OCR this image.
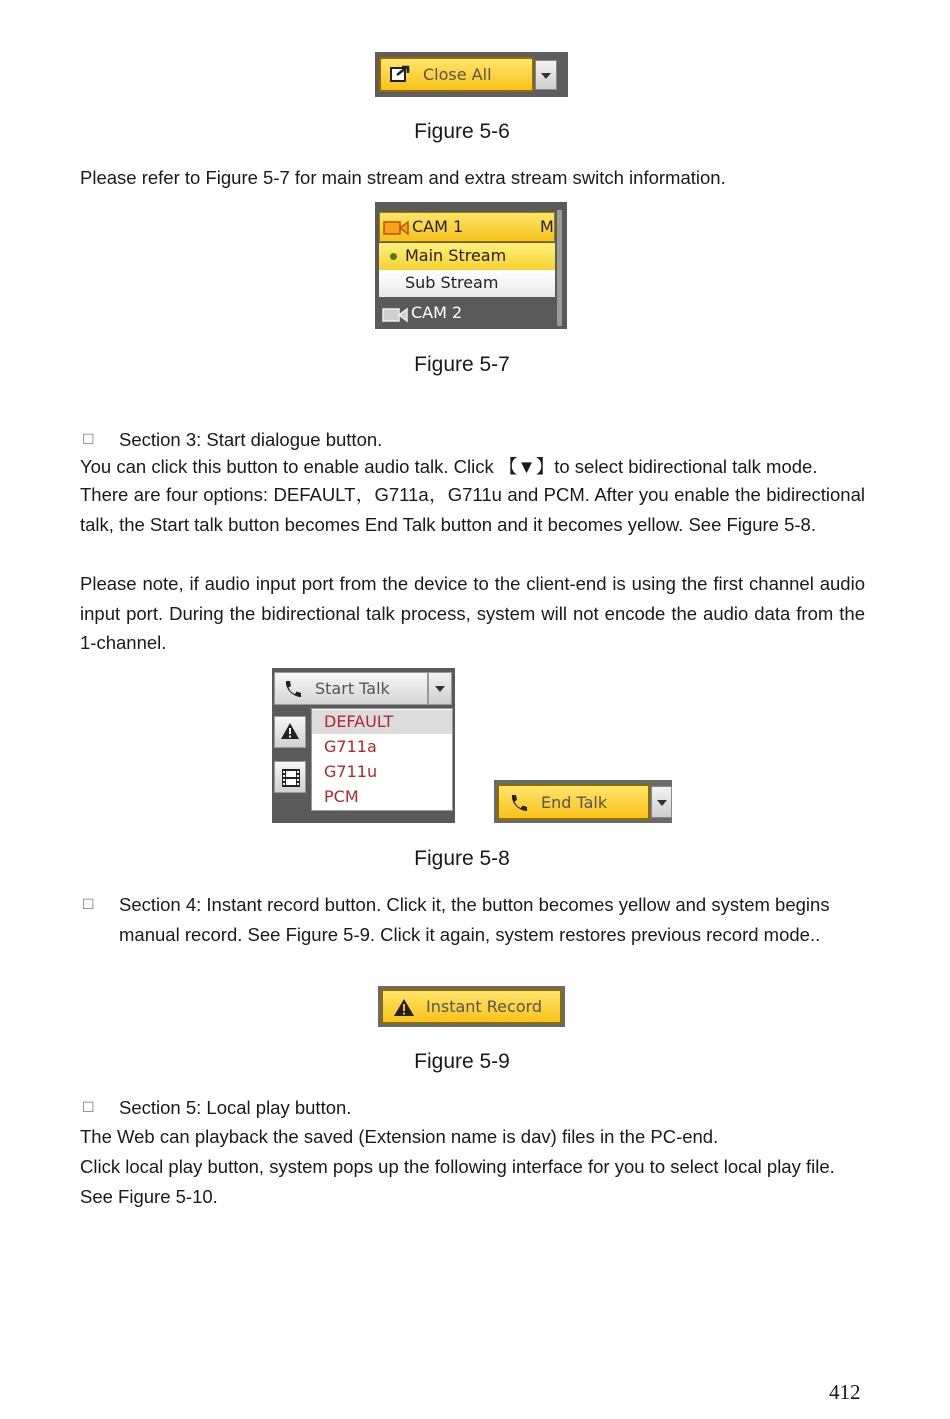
Close All
Figure 5-6
Please refer to Figure 5-7 for main stream and extra stream switch information.
CAM 1	M
Main Stream
Sub Stream
CAM 2
Figure 5-7
☐ Section 3: Start dialogue button.
You can click this button to enable audio talk. Click 【▼】to select bidirectional talk mode.
There are four options: DEFAULT，G711a，G711u and PCM. After you enable the bidirectional talk, the Start talk button becomes End Talk button and it becomes yellow. See Figure 5-8.
Please note, if audio input port from the device to the client-end is using the first channel audio input port. During the bidirectional talk process, system will not encode the audio data from the 1-channel.
Start Talk
DEFAULT
G711a
G711u
PCM	End Talk
Figure 5-8
☐ Section 4: Instant record button. Click it, the button becomes yellow and system begins manual record. See Figure 5-9. Click it again, system restores previous record mode..
Instant Record
Figure 5-9
☐ Section 5: Local play button.
The Web can playback the saved (Extension name is dav) files in the PC-end.
Click local play button, system pops up the following interface for you to select local play file. See Figure 5-10.
412
